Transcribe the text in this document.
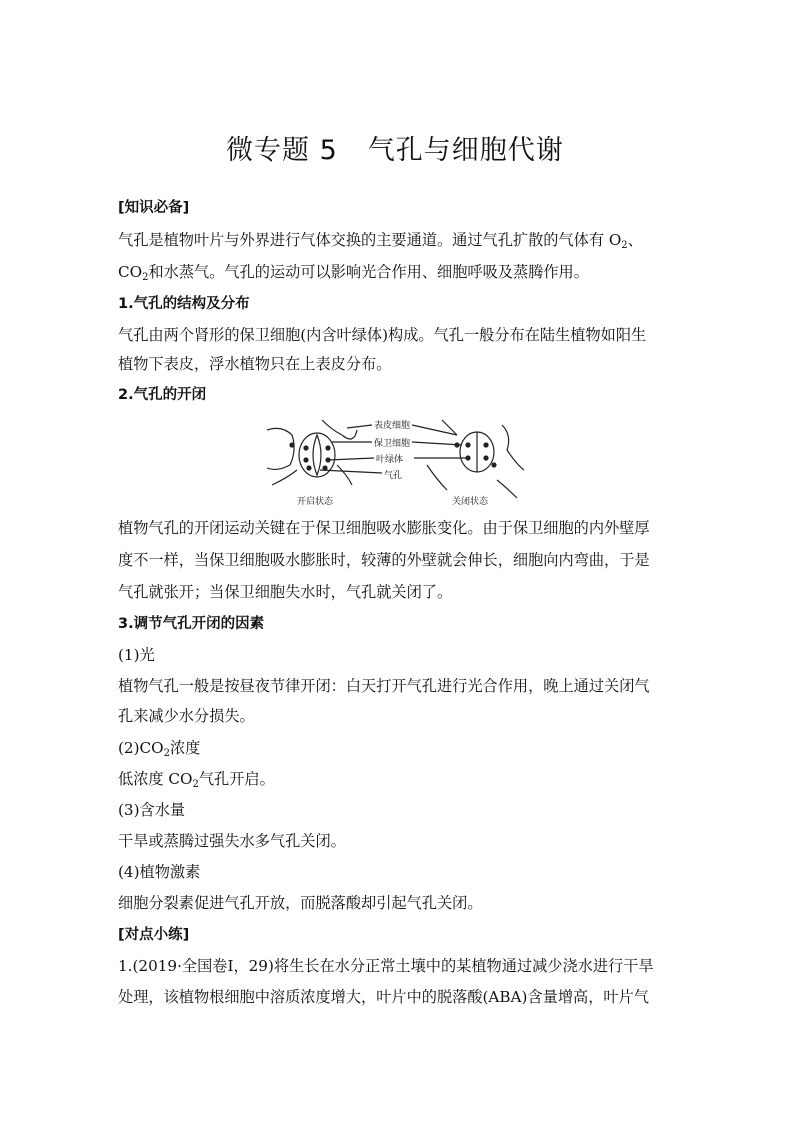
微专题 5 气孔与细胞代谢
[知识必备]
气孔是植物叶片与外界进行气体交换的主要通道。通过气孔扩散的气体有 $O_2$、
$CO_2$和水蒸气。气孔的运动可以影响光合作用、细胞呼吸及蒸腾作用。
1.气孔的结构及分布
气孔由两个肾形的保卫细胞(内含叶绿体)构成。气孔一般分布在陆生植物如阳生
植物下表皮，浮水植物只在上表皮分布。
2.气孔的开闭
表皮细胞
保卫细胞
叶绿体
气孔
开启状态	关闭状态
植物气孔的开闭运动关键在于保卫细胞吸水膨胀变化。由于保卫细胞的内外壁厚
度不一样，当保卫细胞吸水膨胀时，较薄的外壁就会伸长，细胞向内弯曲，于是
气孔就张开；当保卫细胞失水时，气孔就关闭了。
3.调节气孔开闭的因素
(1)光
植物气孔一般是按昼夜节律开闭：白天打开气孔进行光合作用，晚上通过关闭气
孔来减少水分损失。
$(2)CO_2$浓度
低浓度 $CO_2$气孔开启。
(3)含水量
干旱或蒸腾过强失水多气孔关闭。
(4)植物激素
细胞分裂素促进气孔开放，而脱落酸却引起气孔关闭。
[对点小练]
1.(2019·全国卷Ⅰ，29)将生长在水分正常土壤中的某植物通过减少浇水进行干旱
处理，该植物根细胞中溶质浓度增大，叶片中的脱落酸(ABA)含量增高，叶片气
